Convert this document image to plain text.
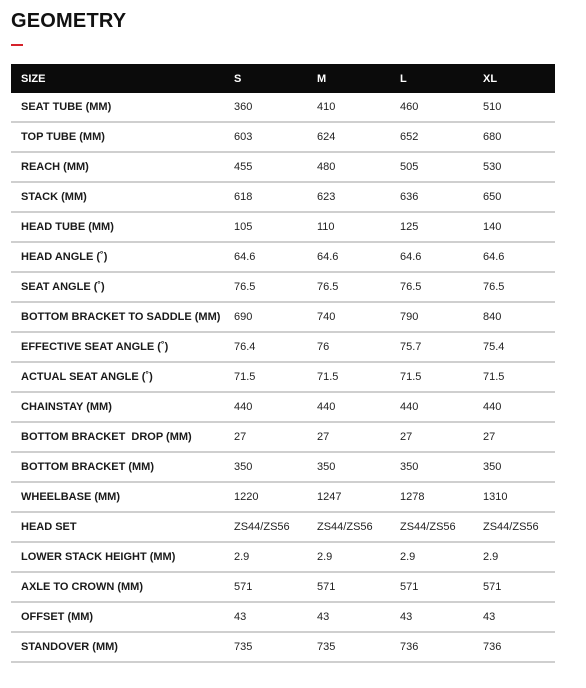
GEOMETRY
SIZE	S	M	L	XL
SEAT TUBE (MM)	360	410	460	510
TOP TUBE (MM)	603	624	652	680
REACH (MM)	455	480	505	530
STACK (MM)	618	623	636	650
HEAD TUBE (MM)	105	110	125	140
HEAD ANGLE (˚)	64.6	64.6	64.6	64.6
SEAT ANGLE (˚)	76.5	76.5	76.5	76.5
BOTTOM BRACKET TO SADDLE (MM)	690	740	790	840
EFFECTIVE SEAT ANGLE (˚)	76.4	76	75.7	75.4
ACTUAL SEAT ANGLE (˚)	71.5	71.5	71.5	71.5
CHAINSTAY (MM)	440	440	440	440
BOTTOM BRACKET  DROP (MM)	27	27	27	27
BOTTOM BRACKET (MM)	350	350	350	350
WHEELBASE (MM)	1220	1247	1278	1310
HEAD SET	ZS44/ZS56	ZS44/ZS56	ZS44/ZS56	ZS44/ZS56
LOWER STACK HEIGHT (MM)	2.9	2.9	2.9	2.9
AXLE TO CROWN (MM)	571	571	571	571
OFFSET (MM)	43	43	43	43
STANDOVER (MM)	735	735	736	736
